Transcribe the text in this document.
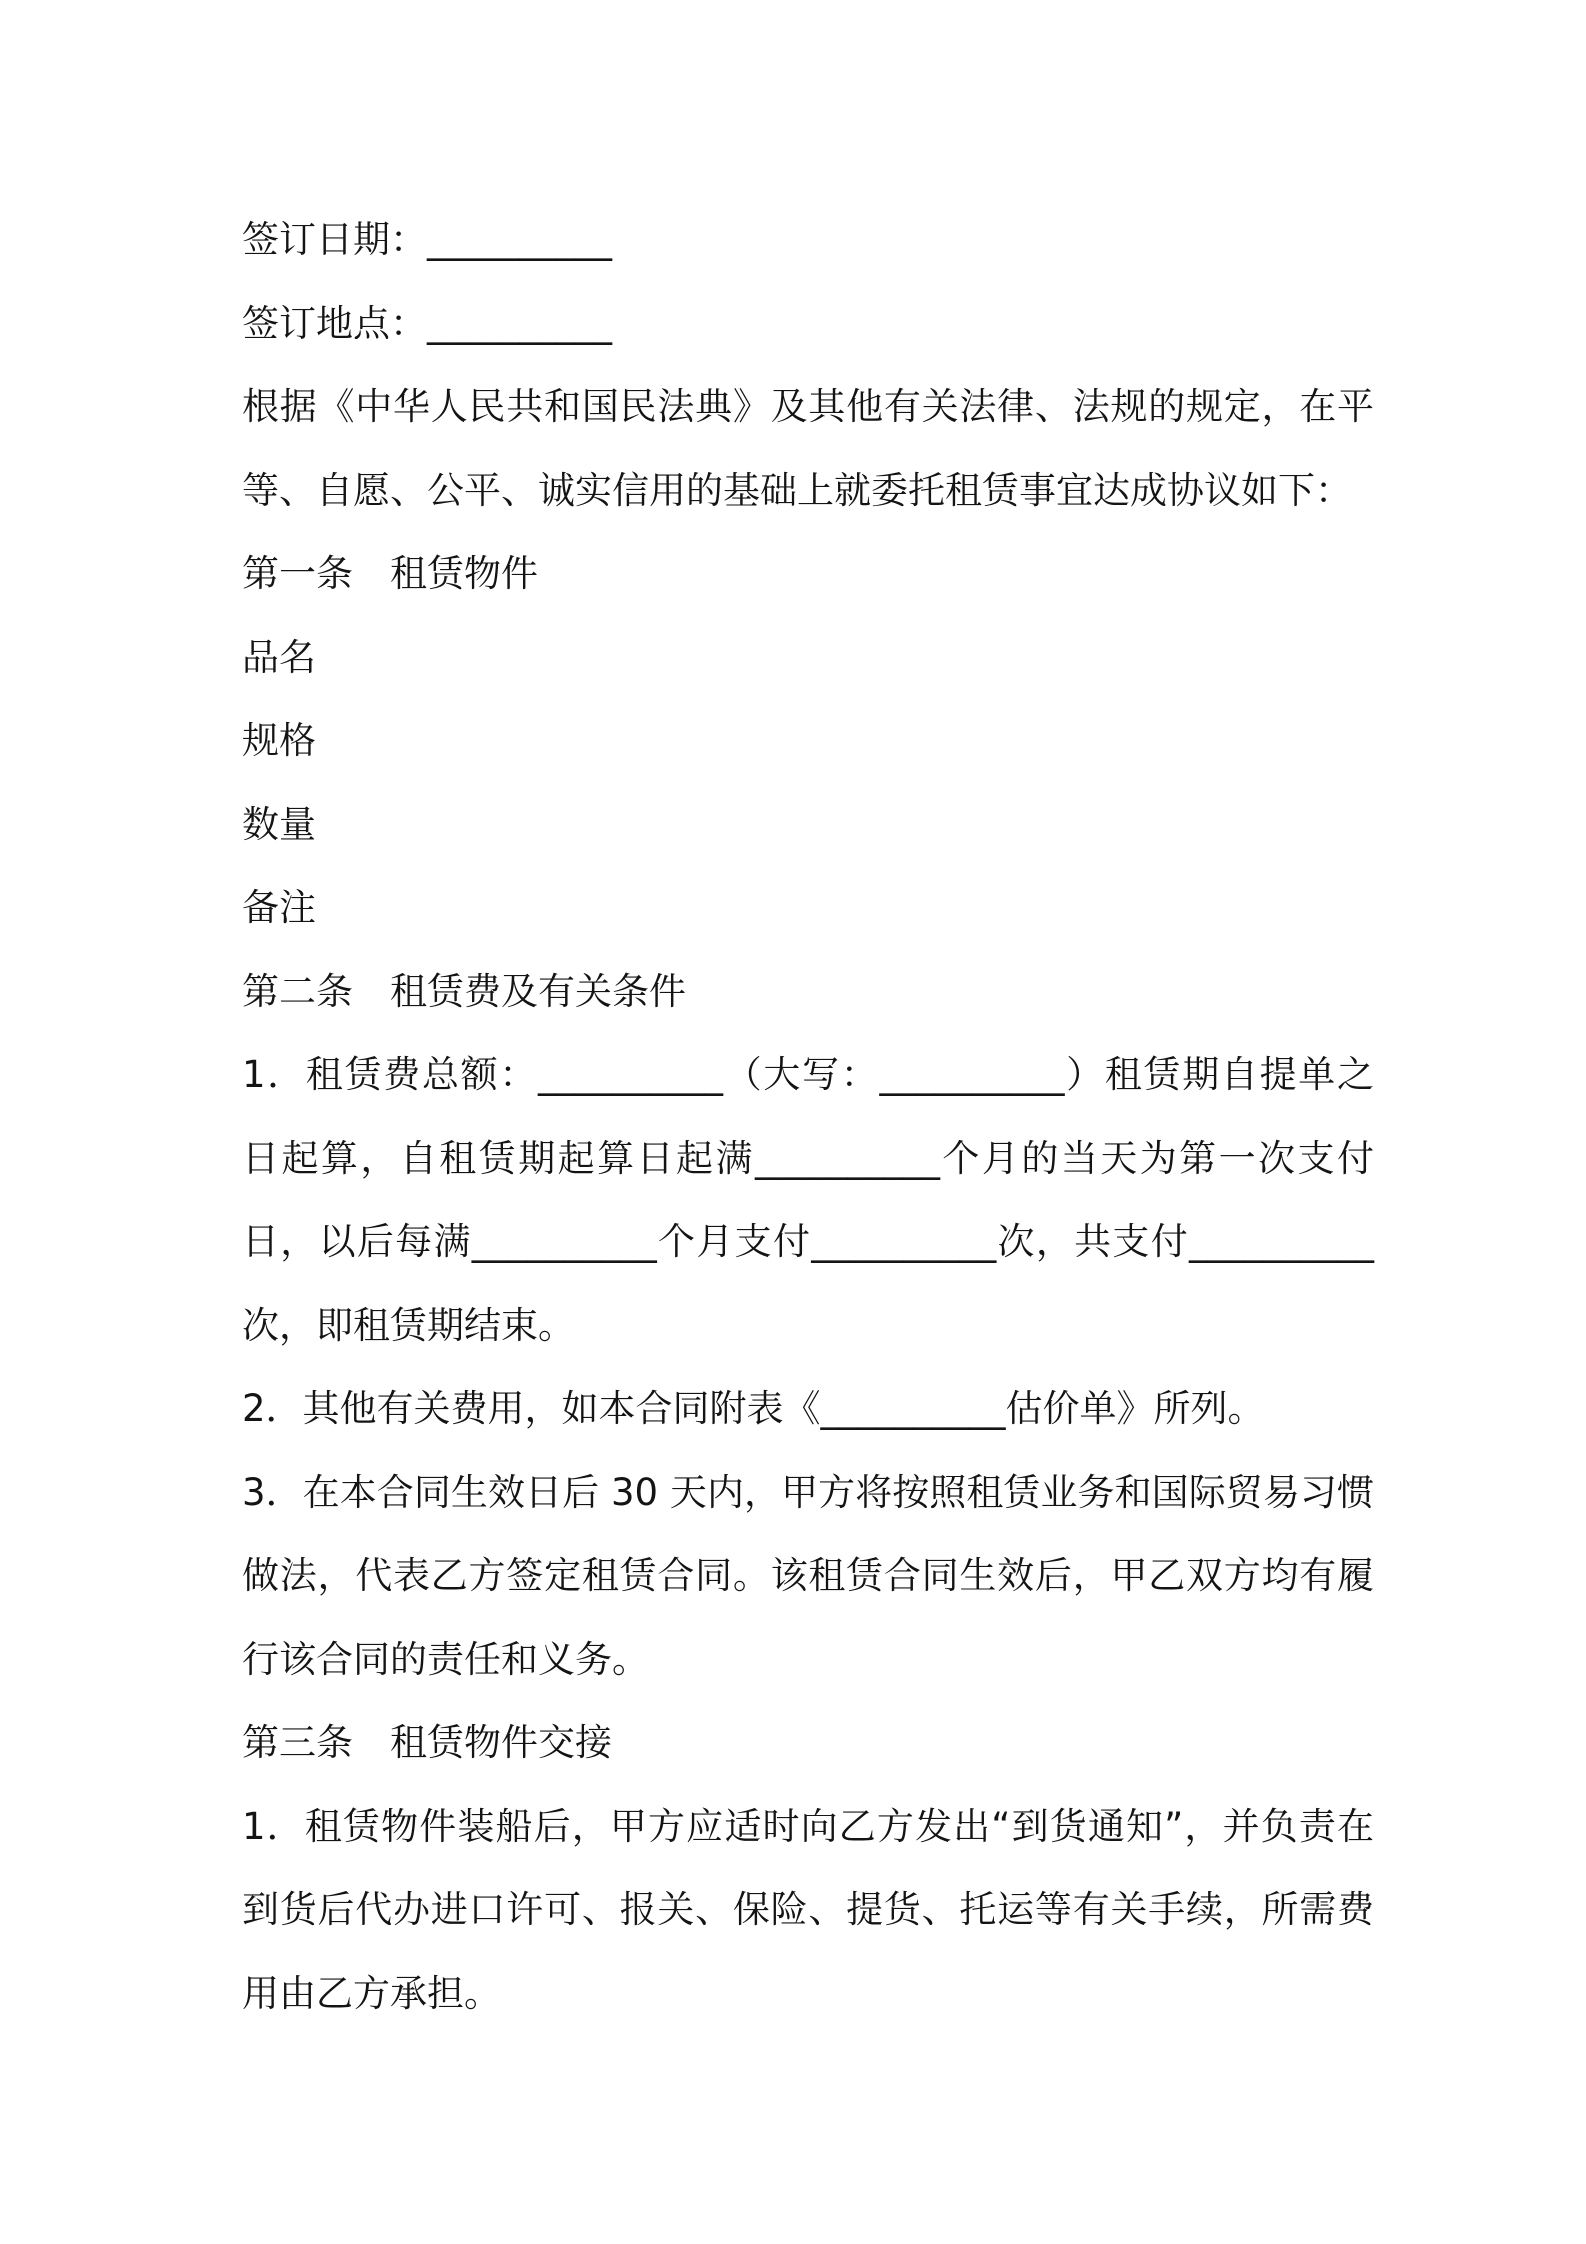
签订日期：__________

签订地点：__________

根据《中华人民共和国民法典》及其他有关法律、法规的规定，在平等、自愿、公平、诚实信用的基础上就委托租赁事宜达成协议如下：

第一条　租赁物件

品名

规格

数量

备注

第二条　租赁费及有关条件

1．租赁费总额：__________（大写：__________）租赁期自提单之日起算，自租赁期起算日起满__________个月的当天为第一次支付日，以后每满__________个月支付__________次，共支付__________次，即租赁期结束。

2．其他有关费用，如本合同附表《__________估价单》所列。

3．在本合同生效日后 30 天内，甲方将按照租赁业务和国际贸易习惯做法，代表乙方签定租赁合同。该租赁合同生效后，甲乙双方均有履行该合同的责任和义务。

第三条　租赁物件交接

1．租赁物件装船后，甲方应适时向乙方发出“到货通知”，并负责在到货后代办进口许可、报关、保险、提货、托运等有关手续，所需费用由乙方承担。
